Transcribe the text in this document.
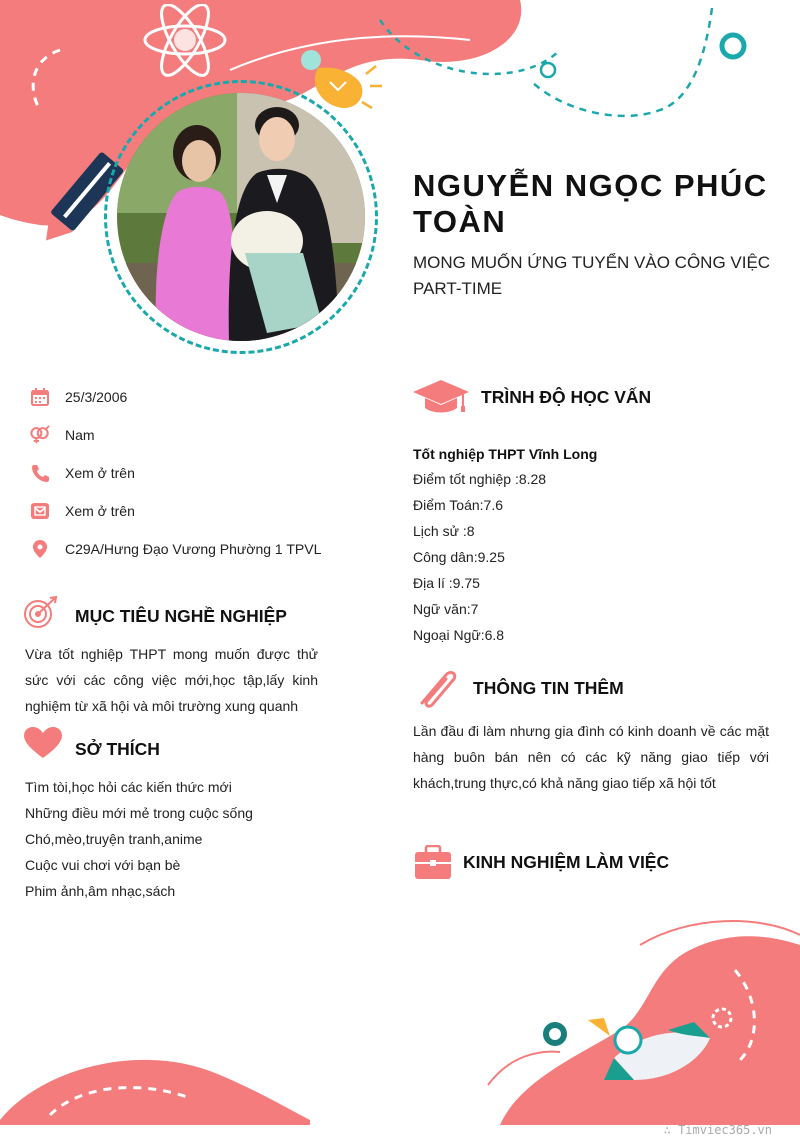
NGUYỄN NGỌC PHÚC TOÀN
MONG MUỐN ỨNG TUYỂN VÀO CÔNG VIỆC PART-TIME
25/3/2006
Nam
Xem ở trên
Xem ở trên
C29A/Hưng Đạo Vương Phường 1 TPVL
MỤC TIÊU NGHỀ NGHIỆP
Vừa tốt nghiệp THPT mong muốn được thử sức với các công việc mới,học tập,lấy kinh nghiệm từ xã hội và môi trường xung quanh
SỞ THÍCH
Tìm tòi,học hỏi các kiến thức mới
Những điều mới mẻ trong cuộc sống
Chó,mèo,truyện tranh,anime
Cuộc vui chơi với bạn bè
Phim ảnh,âm nhạc,sách
TRÌNH ĐỘ HỌC VẤN
Tốt nghiệp THPT Vĩnh Long
Điểm tốt nghiệp :8.28
Điểm Toán:7.6
Lịch sử :8
Công dân:9.25
Địa lí :9.75
Ngữ văn:7
Ngoại Ngữ:6.8
THÔNG TIN THÊM
Lần đầu đi làm nhưng gia đình có kinh doanh về các mặt hàng buôn bán nên có các kỹ năng giao tiếp với khách,trung thực,có khả năng giao tiếp xã hội tốt
KINH NGHIỆM LÀM VIỆC
∴ Timviec365.vn
